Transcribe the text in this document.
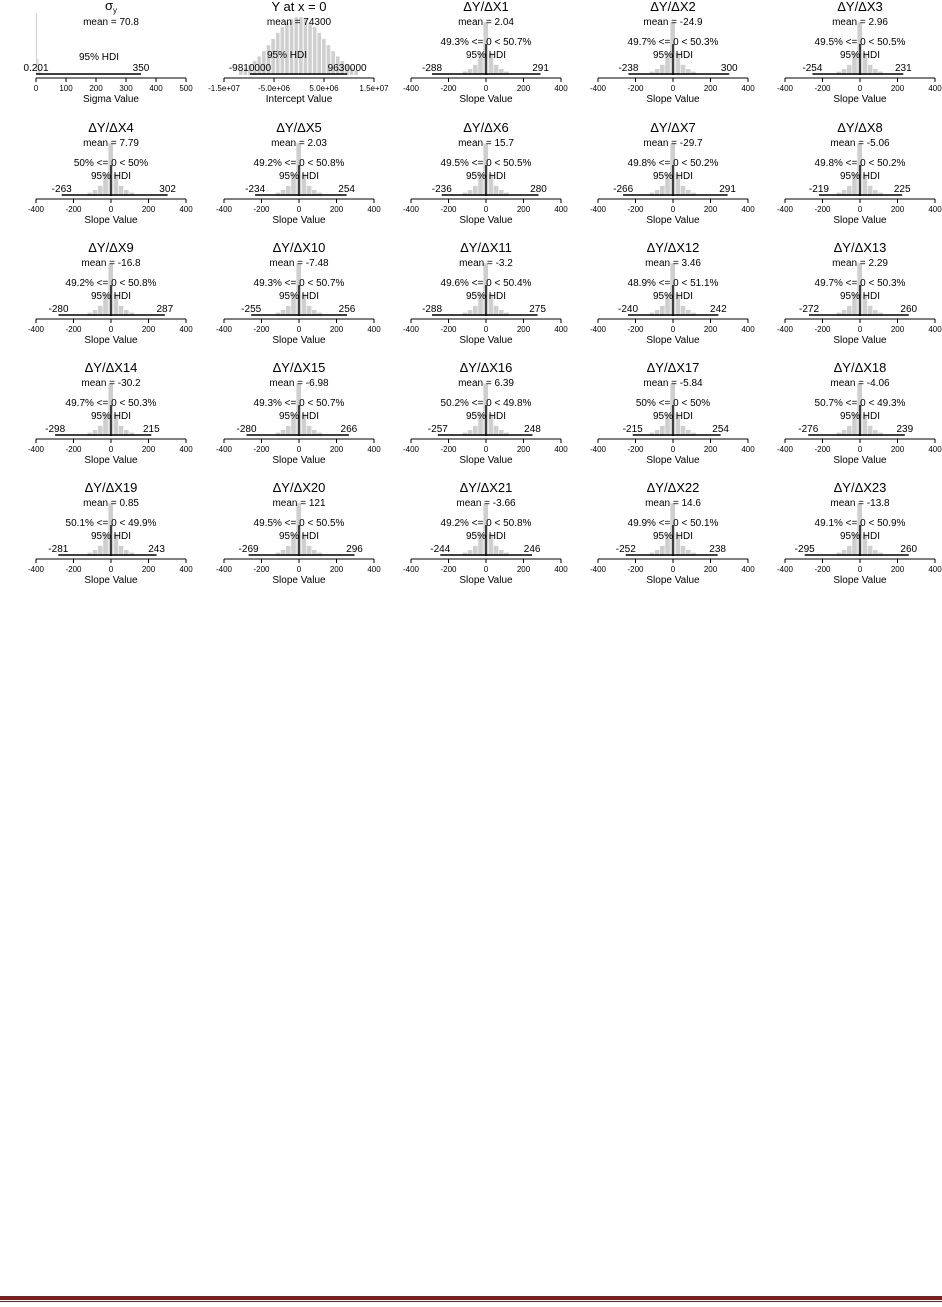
$\sigma_y$
mean = 70.8
95% HDI
0.201	350
0	100 200 300 400 500
Sigma Value
Y at x = 0
mean = 74300
95% HDI
-9810000	9630000
-1.5e+07 -5.0e+06 5.0e+06	1.5e+07
Intercept Value
ΔY/ΔX1
mean = 2.04
49.3% <= 0 < 50.7%
95% HDI
-288	291
-400	-200	0	200	400
Slope Value
ΔY/ΔX2
mean = -24.9
49.7% <= 0 < 50.3%
95% HDI
-238	300
-400	-200	0	200	400
Slope Value
ΔY/ΔX3
mean = 2.96
49.5% <= 0 < 50.5%
95% HDI
-254	231
-400	-200	0	200	400
Slope Value
ΔY/ΔX4
mean = 7.79
50% <= 0 < 50%
95% HDI
-263	302
-400	-200	0	200	400
Slope Value
ΔY/ΔX5
mean = 2.03
49.2% <= 0 < 50.8%
95% HDI
-234	254
-400	-200	0	200	400
Slope Value
ΔY/ΔX6
mean = 15.7
49.5% <= 0 < 50.5%
95% HDI
-236	280
-400	-200	0	200	400
Slope Value
ΔY/ΔX7
mean = -29.7
49.8% <= 0 < 50.2%
95% HDI
-266	291
-400	-200	0	200	400
Slope Value
ΔY/ΔX8
mean = -5.06
49.8% <= 0 < 50.2%
95% HDI
-219	225
-400	-200	0	200	400
Slope Value
ΔY/ΔX9
mean = -16.8
49.2% <= 0 < 50.8%
95% HDI
-280	287
-400	-200	0	200	400
Slope Value
ΔY/ΔX10
mean = -7.48
49.3% <= 0 < 50.7%
95% HDI
-255	256
-400	-200	0	200	400
Slope Value
ΔY/ΔX11
mean = -3.2
49.6% <= 0 < 50.4%
95% HDI
-288	275
-400	-200	0	200	400
Slope Value
ΔY/ΔX12
mean = 3.46
48.9% <= 0 < 51.1%
95% HDI
-240	242
-400	-200	0	200	400
Slope Value
ΔY/ΔX13
mean = 2.29
49.7% <= 0 < 50.3%
95% HDI
-272	260
-400	-200	0	200	400
Slope Value
ΔY/ΔX14
mean = -30.2
49.7% <= 0 < 50.3%
95% HDI
-298	215
-400	-200	0	200	400
Slope Value
ΔY/ΔX15
mean = -6.98
49.3% <= 0 < 50.7%
95% HDI
-280	266
-400	-200	0	200	400
Slope Value
ΔY/ΔX16
mean = 6.39
50.2% <= 0 < 49.8%
95% HDI
-257	248
-400	-200	0	200	400
Slope Value
ΔY/ΔX17
mean = -5.84
50% <= 0 < 50%
95% HDI
-215	254
-400	-200	0	200	400
Slope Value
ΔY/ΔX18
mean = -4.06
50.7% <= 0 < 49.3%
95% HDI
-276	239
-400	-200	0	200	400
Slope Value
ΔY/ΔX19
mean = 0.85
50.1% <= 0 < 49.9%
95% HDI
-281	243
-400	-200	0	200	400
Slope Value
ΔY/ΔX20
mean = 121
49.5% <= 0 < 50.5%
95% HDI
-269	296
-400	-200	0	200	400
Slope Value
ΔY/ΔX21
mean = -3.66
49.2% <= 0 < 50.8%
95% HDI
-244	246
-400	-200	0	200	400
Slope Value
ΔY/ΔX22
mean = 14.6
49.9% <= 0 < 50.1%
95% HDI
-252	238
-400	-200	0	200	400
Slope Value
ΔY/ΔX23
mean = -13.8
49.1% <= 0 < 50.9%
95% HDI
-295	260
-400	-200	0	200	400
Slope Value
